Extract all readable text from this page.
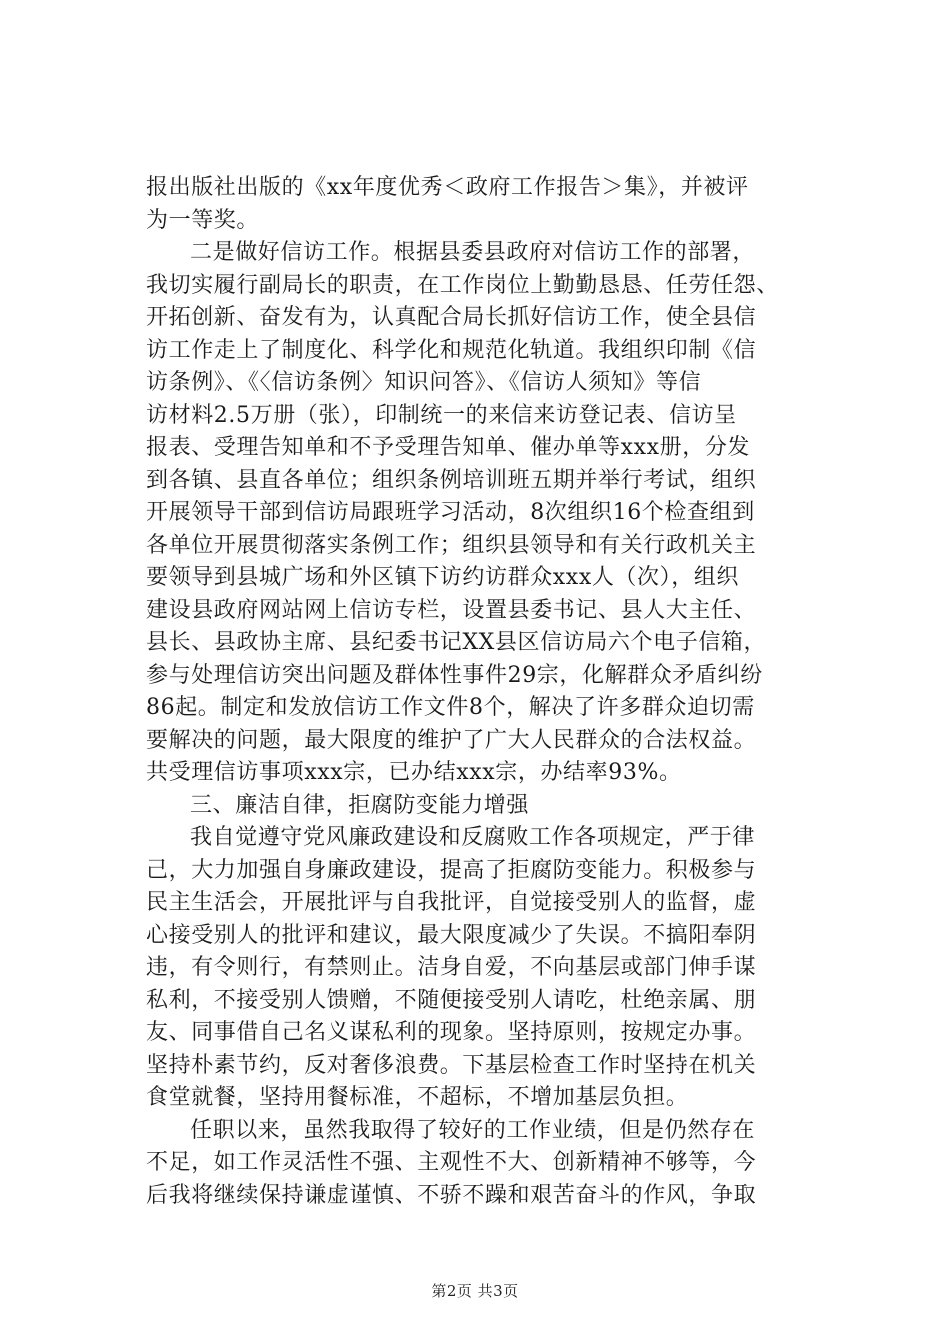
报出版社出版的《xx年度优秀＜政府工作报告＞集》，并被评
为一等奖。
二是做好信访工作。根据县委县政府对信访工作的部署，
我切实履行副局长的职责，在工作岗位上勤勤恳恳、任劳任怨、
开拓创新、奋发有为，认真配合局长抓好信访工作，使全县信
访工作走上了制度化、科学化和规范化轨道。我组织印制《信
访条例》、《〈信访条例〉知识问答》、《信访人须知》等信
访材料2.5万册（张），印制统一的来信来访登记表、信访呈
报表、受理告知单和不予受理告知单、催办单等xxx册，分发
到各镇、县直各单位；组织条例培训班五期并举行考试，组织
开展领导干部到信访局跟班学习活动，8次组织16个检查组到
各单位开展贯彻落实条例工作；组织县领导和有关行政机关主
要领导到县城广场和外区镇下访约访群众xxx人（次），组织
建设县政府网站网上信访专栏，设置县委书记、县人大主任、
县长、县政协主席、县纪委书记XX县区信访局六个电子信箱，
参与处理信访突出问题及群体性事件29宗，化解群众矛盾纠纷
86起。制定和发放信访工作文件8个，解决了许多群众迫切需
要解决的问题，最大限度的维护了广大人民群众的合法权益。
共受理信访事项xxx宗，已办结xxx宗，办结率93%。
三、廉洁自律，拒腐防变能力增强
我自觉遵守党风廉政建设和反腐败工作各项规定，严于律
己，大力加强自身廉政建设，提高了拒腐防变能力。积极参与
民主生活会，开展批评与自我批评，自觉接受别人的监督，虚
心接受别人的批评和建议，最大限度减少了失误。不搞阳奉阴
违，有令则行，有禁则止。洁身自爱，不向基层或部门伸手谋
私利，不接受别人馈赠，不随便接受别人请吃，杜绝亲属、朋
友、同事借自己名义谋私利的现象。坚持原则，按规定办事。
坚持朴素节约，反对奢侈浪费。下基层检查工作时坚持在机关
食堂就餐，坚持用餐标准，不超标，不增加基层负担。
任职以来，虽然我取得了较好的工作业绩，但是仍然存在
不足，如工作灵活性不强、主观性不大、创新精神不够等，今
后我将继续保持谦虚谨慎、不骄不躁和艰苦奋斗的作风，争取
第2页 共3页
